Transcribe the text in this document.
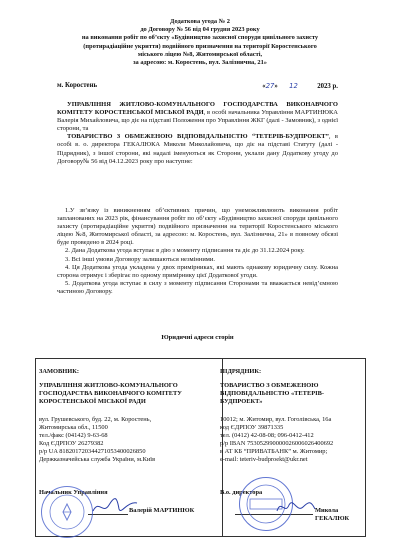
Додаткова угода № 2
до Договору № 56 від 04 грудня 2023 року
на виконання робіт по об’єкту «Будівництво захисної споруди цивільного захисту
(протирадіаційне укриття) подвійного призначення на території Коростенського
міського ліцею №8, Житомирської області,
за адресою: м. Коростень, вул. Залізнична, 21»
м. Коростень	«27» 12	2023 р.
УПРАВЛІННЯ ЖИТЛОВО-КОМУНАЛЬНОГО ГОСПОДАРСТВА ВИКОНАВЧОГО КОМІТЕТУ КОРОСТЕНСЬКОЇ МІСЬКОЇ РАДИ, в особі начальника Управління МАРТИНЮКА Валерія Михайловича, що діє на підставі Положення про Управління ЖКГ (далі - Замовник), з однієї сторони, та
ТОВАРИСТВО З ОБМЕЖЕНОЮ ВІДПОВІДАЛЬНІСТЮ “ТЕТЕРІВ-БУДПРОЕКТ”, в особі в. о. директора ГЕКАЛЮКА Миколи Миколайовича, що діє на підставі Статуту (далі - Підрядник), з іншої сторони, які надалі іменуються як Сторони, уклали дану Додаткову угоду до Договору№ 56 від 04.12.2023 року про наступне:
1.У зв’язку із виникненням об’єктивних причин, що унеможливлюють виконання робіт запланованих на 2023 рік, фінансування робіт по об’єкту «Будівництво захисної споруди цивільного захисту (протирадіаційне укриття) подвійного призначення на території Коростенського міського ліцею №8, Житомирської області, за адресою: м. Коростень, вул. Залізнична, 21» в повному обсязі буде проведено в 2024 році.
2. Дана Додаткова угода вступає в дію з моменту підписання та діє до 31.12.2024 року.
3. Всі інші умови Договору залишаються незмінними.
4. Ця Додаткова угода укладена у двох примірниках, які мають однакову юридичну силу. Кожна сторона отримує і зберігає по одному примірнику цієї Додаткової угоди.
5. Додаткова угода вступає в силу з моменту підписання Сторонами та вважається невід’ємною частиною Договору.
Юридичні адреси сторін
ЗАМОВНИК:
УПРАВЛІННЯ ЖИТЛОВО-КОМУНАЛЬНОГО ГОСПОДАРСТВА ВИКОНАВЧОГО КОМІТЕТУ КОРОСТЕНСЬКОЇ МІСЬКОЇ РАДИ
вул. Грушевського, буд. 22, м. Коростень,
Житомирська обл., 11500
тел./факс (04142) 9-63-68
Код ЄДРПОУ 26279382
р/р UA 818201720344271053400026850
Держказначейська служба України, м.Київ
Начальник Управління
Валерій МАРТИНЮК
ПІДРЯДНИК:
ТОВАРИСТВО З ОБМЕЖЕНОЮ ВІДПОВІДАЛЬНІСТЮ «ТЕТЕРІВ-БУДПРОЕКТ»
10012; м. Житомир, вул. Гоголівська, 16а
код ЄДРПОУ 39871335
тел. (0412) 42-08-08; 096-0412-412
р/р IBAN 753052990000026006026400692
в АТ КБ “ПРИВАТБАНК” м. Житомир;
e-mail: teteriv-budproekt@ukr.net
В.о. директора
Микола ГЕКАЛЮК
